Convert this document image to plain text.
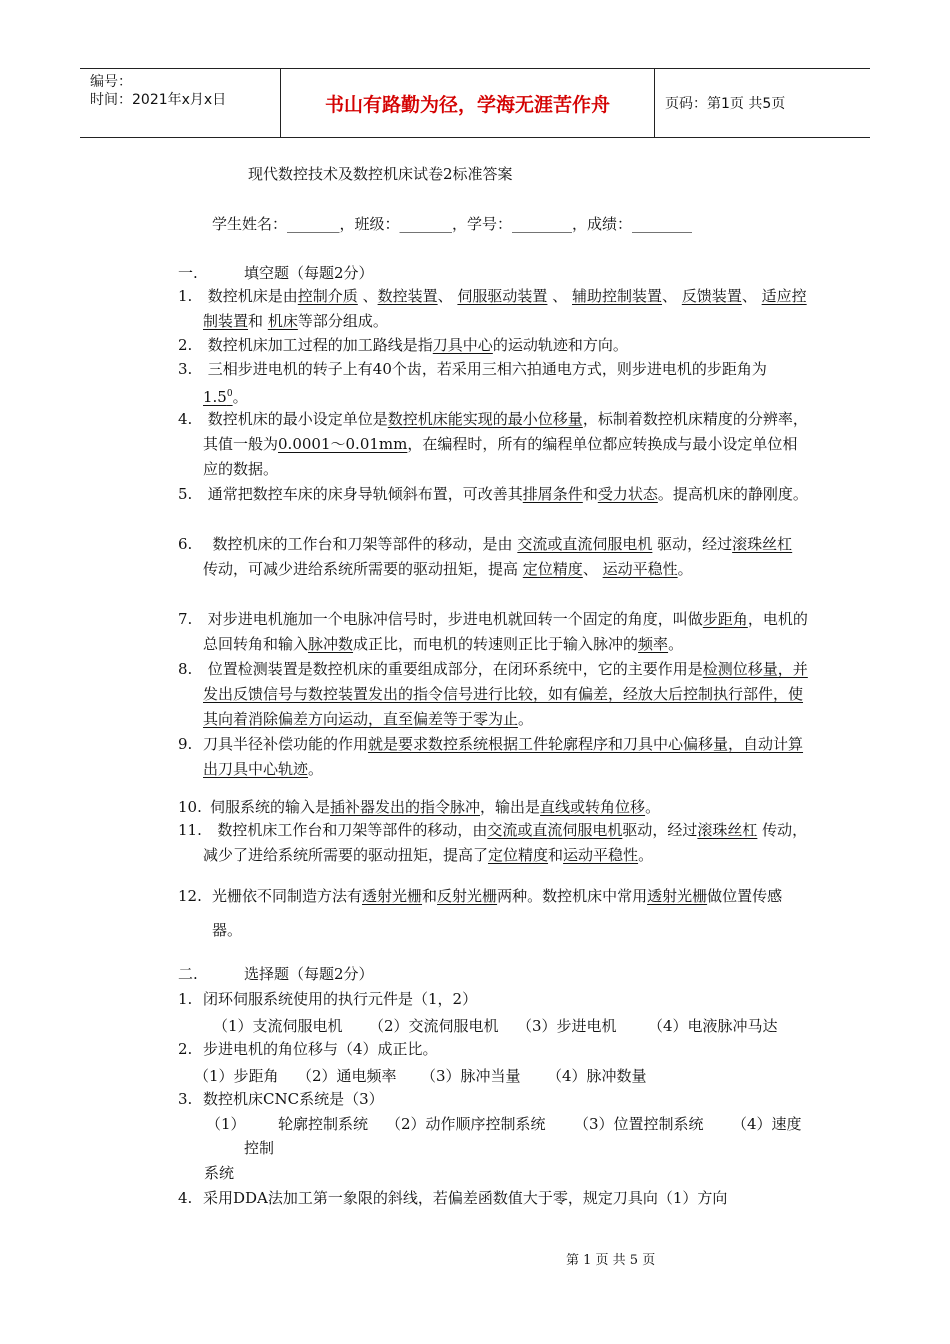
编号：
时间：2021年x月x日	书山有路勤为径，学海无涯苦作舟	页码：第1页 共5页
现代数控技术及数控机床试卷2标准答案
学生姓名：_______，班级：_______，学号：________，成绩：________
一.	填空题（每题2分）
1.	数控机床是由控制介质 、数控装置、 伺服驱动装置 、 辅助控制装置、 反馈装置、 适应控制装置和 机床等部分组成。
2.	数控机床加工过程的加工路线是指刀具中心的运动轨迹和方向。
3.	三相步进电机的转子上有40个齿，若采用三相六拍通电方式，则步进电机的步距角为 $1.5^0$。
4.	数控机床的最小设定单位是数控机床能实现的最小位移量，标制着数控机床精度的分辨率，其值一般为0.0001～0.01mm，在编程时，所有的编程单位都应转换成与最小设定单位相应的数据。
5.	通常把数控车床的床身导轨倾斜布置，可改善其排屑条件和受力状态。提高机床的静刚度。
6.	数控机床的工作台和刀架等部件的移动，是由 交流或直流伺服电机 驱动，经过滚珠丝杠 传动，可减少进给系统所需要的驱动扭矩，提高 定位精度、 运动平稳性。
7.	对步进电机施加一个电脉冲信号时，步进电机就回转一个固定的角度，叫做步距角，电机的总回转角和输入脉冲数成正比，而电机的转速则正比于输入脉冲的频率。
8.	位置检测装置是数控机床的重要组成部分，在闭环系统中，它的主要作用是检测位移量，并发出反馈信号与数控装置发出的指令信号进行比较，如有偏差，经放大后控制执行部件，使其向着消除偏差方向运动，直至偏差等于零为止。
9. 刀具半径补偿功能的作用就是要求数控系统根据工件轮廓程序和刀具中心偏移量，自动计算出刀具中心轨迹。
10. 伺服系统的输入是插补器发出的指令脉冲，输出是直线或转角位移。
11.	数控机床工作台和刀架等部件的移动，由交流或直流伺服电机驱动，经过滚珠丝杠 传动，减少了进给系统所需要的驱动扭矩，提高了定位精度和运动平稳性。
12. 光栅依不同制造方法有透射光栅和反射光栅两种。数控机床中常用透射光栅做位置传感器。
二.	选择题（每题2分）
1. 闭环伺服系统使用的执行元件是（1，2）
（1）支流伺服电机 （2）交流伺服电机 （3）步进电机 （4）电液脉冲马达
2. 步进电机的角位移与（4）成正比。
（1）步距角 （2）通电频率 （3）脉冲当量 （4）脉冲数量
3. 数控机床CNC系统是（3）
（1） 轮廓控制系统 （2）动作顺序控制系统 （3）位置控制系统 （4）速度
控制
系统
4. 采用DDA法加工第一象限的斜线，若偏差函数值大于零，规定刀具向（1）方向
第 1 页 共 5 页
